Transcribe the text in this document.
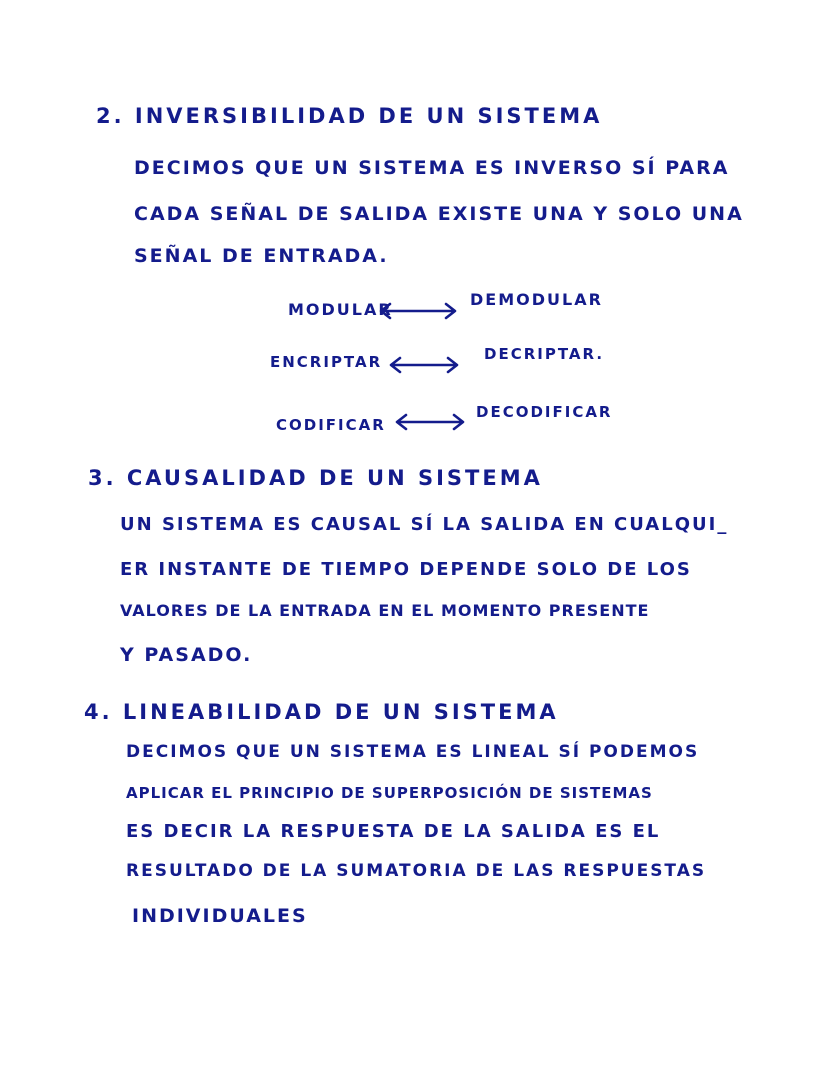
2. INVERSIBILIDAD DE UN SISTEMA

DECIMOS QUE UN SISTEMA ES INVERSO SÍ PARA

CADA SEÑAL DE SALIDA EXISTE UNA Y SOLO UNA

SEÑAL DE ENTRADA.

MODULAR

DEMODULAR

ENCRIPTAR	DECRIPTAR.

CODIFICAR

DECODIFICAR

3. CAUSALIDAD DE UN SISTEMA

UN SISTEMA ES CAUSAL SÍ LA SALIDA EN CUALQUI_

ER INSTANTE DE TIEMPO DEPENDE SOLO DE LOS

VALORES DE LA ENTRADA EN EL MOMENTO PRESENTE

Y PASADO.

4. LINEABILIDAD DE UN SISTEMA

DECIMOS QUE UN SISTEMA ES LINEAL SÍ PODEMOS

APLICAR EL PRINCIPIO DE SUPERPOSICIÓN DE SISTEMAS

ES DECIR LA RESPUESTA DE LA SALIDA ES EL

RESULTADO DE LA SUMATORIA DE LAS RESPUESTAS

INDIVIDUALES
